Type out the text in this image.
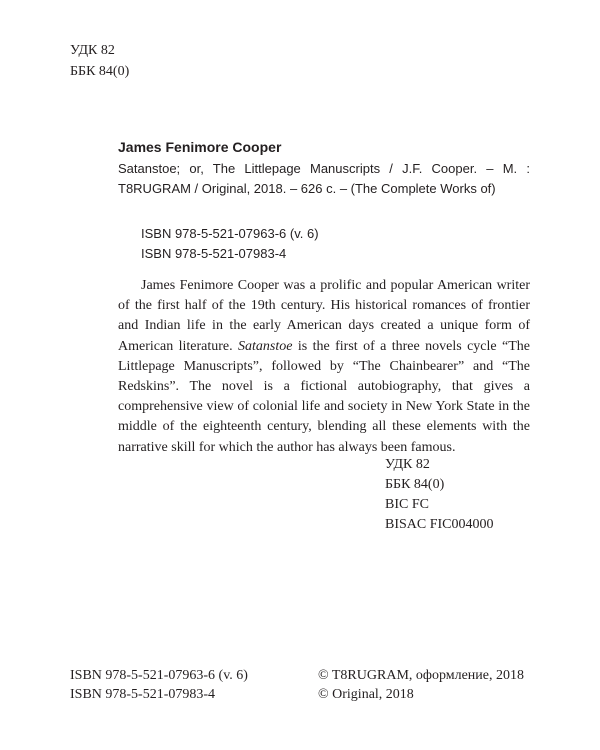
УДК 82
ББК 84(0)
James Fenimore Cooper
Satanstoe; or, The Littlepage Manuscripts / J.F. Cooper. – M. : T8RUGRAM / Original, 2018. – 626 с. – (The Complete Works of)
ISBN 978-5-521-07963-6 (v. 6)
ISBN 978-5-521-07983-4

James Fenimore Cooper was a prolific and popular American writer of the first half of the 19th century. His historical romances of frontier and Indian life in the early American days created a unique form of American literature. Satanstoe is the first of a three novels cycle “The Littlepage Manuscripts”, followed by “The Chainbearer” and “The Redskins”. The novel is a fictional autobiography, that gives a comprehensive view of colonial life and society in New York State in the middle of the eighteenth century, blending all these elements with the narrative skill for which the author has always been famous.

УДК 82
ББК 84(0)
BIC FC
BISAC FIC004000
ISBN 978-5-521-07963-6 (v. 6)
ISBN 978-5-521-07983-4
© T8RUGRAM, оформление, 2018
© Original, 2018
